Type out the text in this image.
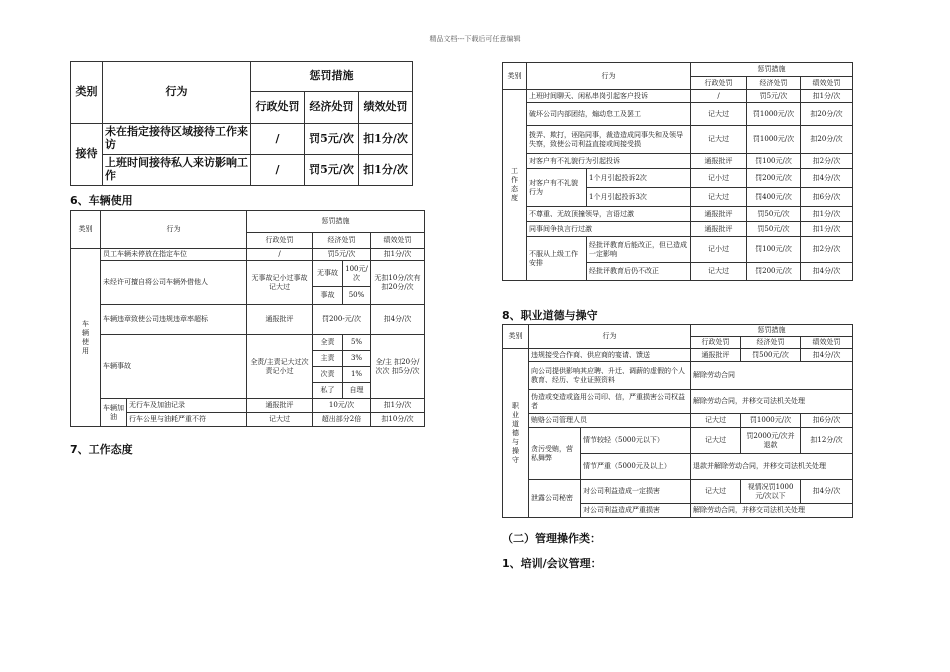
精品文档---下载后可任意编辑
类别	行为	惩罚措施		
		行政处罚	经济处罚	绩效处罚
接待	未在指定接待区域接待工作来访	/	罚5元/次	扣1分/次
	上班时间接待私人来访影响工作	/	罚5元/次	扣1分/次
6、车辆使用
类别	行为		惩罚措施			
			行政处罚	经济处罚		绩效处罚
车辆使用	员工车辆未停放在指定车位		/	罚5元/次		扣1分/次
	未经许可擅自将公司车辆外借他人		无事故记小过事故记大过	无事故	100元/次	无扣10分/次有扣20分/次
				事故	50%	
	车辆违章致使公司违规违章率超标		通报批评	罚200-元/次		扣4分/次
	车辆事故		全责/主责记大过次责记小过	全责	5%	全/主 扣20分/次次 扣5分/次
				主责	3%	
				次责	1%	
				私了	自理	
	车辆加油	无行车及加油记录	通报批评	10元/次		扣1分/次
		行车公里与油耗严重不符	记大过	超出部分2倍		扣10分/次
7、工作态度
类别	行为		惩罚措施		
			行政处罚	经济处罚	绩效处罚
工作态度	上班时间聊天、闲私串岗引起客户投诉		/	罚5元/次	扣1分/次
	破坏公司内部团结，煽动怠工及罢工		记大过	罚1000元/次	扣20分/次
	拨弄、欺打，诬陷同事，裁造造成同事失和及领导失察，致使公司利益直接或间接受损		记大过	罚1000元/次	扣20分/次
	对客户有不礼貌行为引起投诉		通报批评	罚100元/次	扣2分/次
	对客户有不礼貌行为	1个月引起投诉2次	记小过	罚200元/次	扣4分/次
		1个月引起投诉3次	记大过	罚400元/次	扣6分/次
	不尊重、无故顶撞领导，言语过激		通报批评	罚50元/次	扣1分/次
	同事间争执言行过激		通报批评	罚50元/次	扣1分/次
	不服从上级工作安排	经批评教育后能改正，但已造成一定影响	记小过	罚100元/次	扣2分/次
		经批评教育后仍不改正	记大过	罚200元/次	扣4分/次
8、职业道德与操守
类别	行为		惩罚措施		
			行政处罚	经济处罚	绩效处罚
职业道德与操守	违规接受合作商、供应商的宴请、馈送		通报批评	罚500元/次	扣4分/次
	向公司提供影响其应聘、升迁、调薪的虚假的个人教育、经历、专业证照资料		解除劳动合同		
	伪造或变造或盗用公司印、信，严重损害公司权益者		解除劳动合同，并移交司法机关处理		
	贿赂公司管理人员		记大过	罚1000元/次	扣6分/次
	贪污受贿，营私舞弊	情节较轻（5000元以下）	记大过	罚2000元/次并退款	扣12分/次
		情节严重（5000元及以上）	退款并解除劳动合同，并移交司法机关处理		
	泄露公司秘密	对公司利益造成一定损害	记大过	视情况罚1000元/次以下	扣4分/次
		对公司利益造成严重损害	解除劳动合同，并移交司法机关处理		
（二）管理操作类：
1、培训/会议管理：
